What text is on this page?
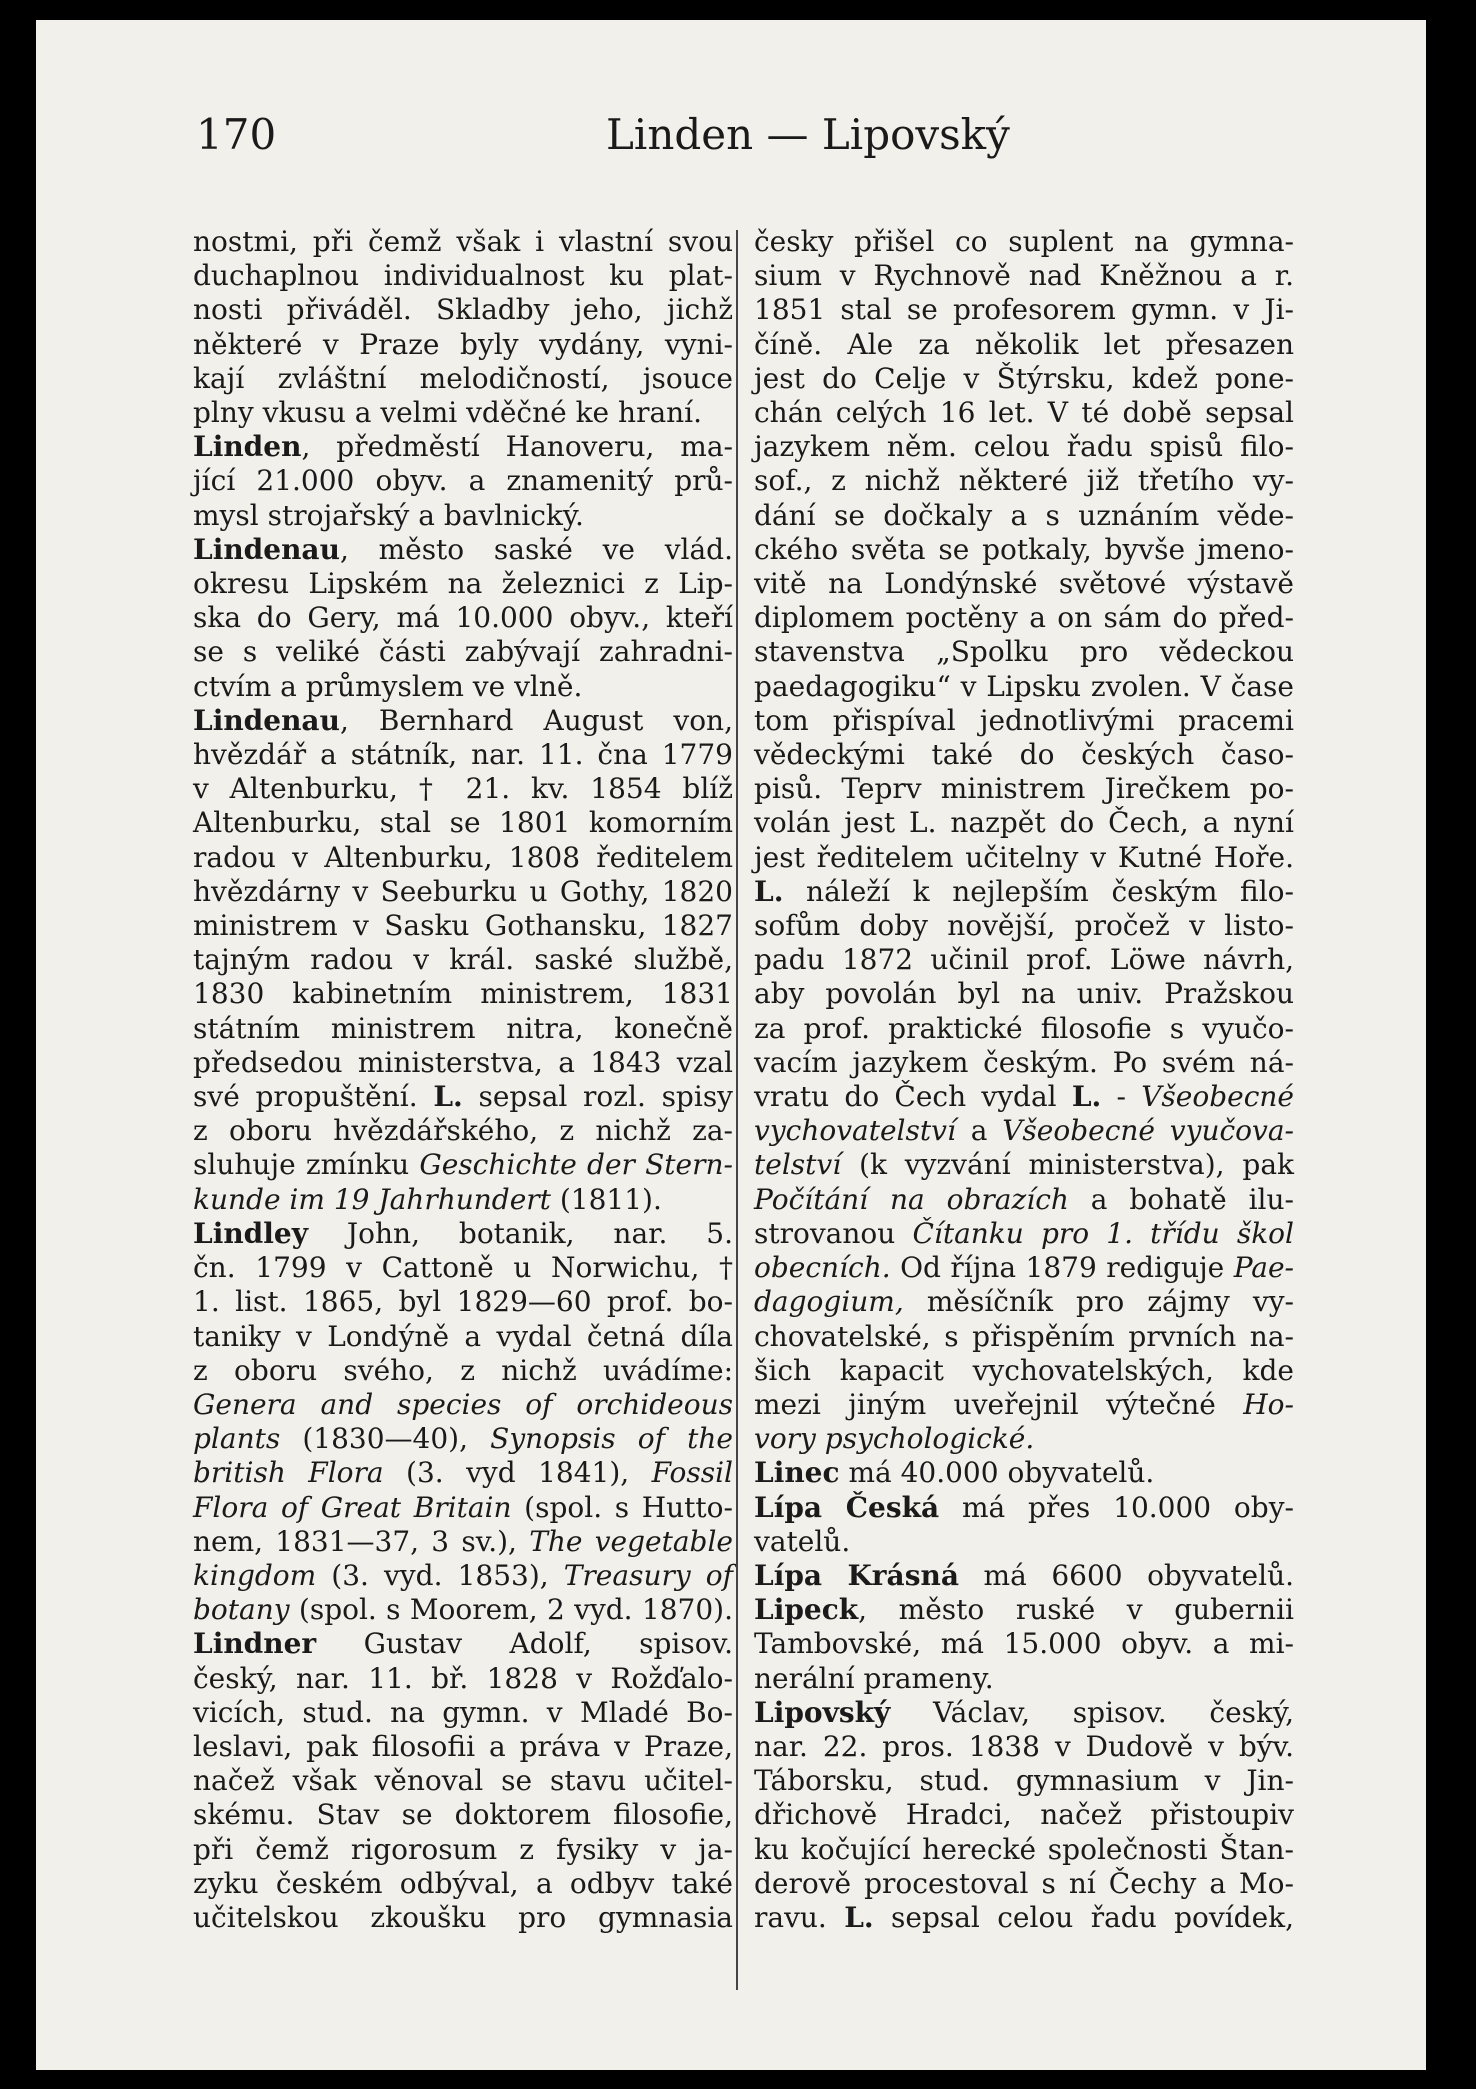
170	Linden — Lipovský
nostmi, při čemž však i vlastní svou
duchaplnou individualnost ku plat-
nosti přiváděl. Skladby jeho, jichž
některé v Praze byly vydány, vyni-
kají zvláštní melodičností, jsouce
plny vkusu a velmi vděčné ke hraní.
Linden, předměstí Hanoveru, ma-
jící 21.000 obyv. a znamenitý prů-
mysl strojařský a bavlnický.
Lindenau, město saské ve vlád.
okresu Lipském na železnici z Lip-
ska do Gery, má 10.000 obyv., kteří
se s veliké části zabývají zahradni-
ctvím a průmyslem ve vlně.
Lindenau, Bernhard August von,
hvězdář a státník, nar. 11. čna 1779
v Altenburku, † 21. kv. 1854 blíž
Altenburku, stal se 1801 komorním
radou v Altenburku, 1808 ředitelem
hvězdárny v Seeburku u Gothy, 1820
ministrem v Sasku Gothansku, 1827
tajným radou v král. saské službě,
1830 kabinetním ministrem, 1831
státním ministrem nitra, konečně
předsedou ministerstva, a 1843 vzal
své propuštění. L. sepsal rozl. spisy
z oboru hvězdářského, z nichž za-
sluhuje zmínku Geschichte der Stern-
kunde im 19 Jahrhundert (1811).
Lindley John, botanik, nar. 5.
čn. 1799 v Cattoně u Norwichu, †
1. list. 1865, byl 1829—60 prof. bo-
taniky v Londýně a vydal četná díla
z oboru svého, z nichž uvádíme:
Genera and species of orchideous
plants (1830—40), Synopsis of the
british Flora (3. vyd 1841), Fossil
Flora of Great Britain (spol. s Hutto-
nem, 1831—37, 3 sv.), The vegetable
kingdom (3. vyd. 1853), Treasury of
botany (spol. s Moorem, 2 vyd. 1870).
Lindner Gustav Adolf, spisov.
český, nar. 11. bř. 1828 v Rožďalo-
vicích, stud. na gymn. v Mladé Bo-
leslavi, pak filosofii a práva v Praze,
načež však věnoval se stavu učitel-
skému. Stav se doktorem filosofie,
při čemž rigorosum z fysiky v ja-
zyku českém odbýval, a odbyv také
učitelskou zkoušku pro gymnasia
česky přišel co suplent na gymna-
sium v Rychnově nad Kněžnou a r.
1851 stal se profesorem gymn. v Ji-
číně. Ale za několik let přesazen
jest do Celje v Štýrsku, kdež pone-
chán celých 16 let. V té době sepsal
jazykem něm. celou řadu spisů filo-
sof., z nichž některé již třetího vy-
dání se dočkaly a s uznáním věde-
ckého světa se potkaly, byvše jmeno-
vitě na Londýnské světové výstavě
diplomem poctěny a on sám do před-
stavenstva „Spolku pro vědeckou
paedagogiku“ v Lipsku zvolen. V čase
tom přispíval jednotlivými pracemi
vědeckými také do českých časo-
pisů. Teprv ministrem Jirečkem po-
volán jest L. nazpět do Čech, a nyní
jest ředitelem učitelny v Kutné Hoře.
L. náleží k nejlepším českým filo-
sofům doby novější, pročež v listo-
padu 1872 učinil prof. Löwe návrh,
aby povolán byl na univ. Pražskou
za prof. praktické filosofie s vyučo-
vacím jazykem českým. Po svém ná-
vratu do Čech vydal L. - Všeobecné
vychovatelství a Všeobecné vyučova-
telství (k vyzvání ministerstva), pak
Počítání na obrazích a bohatě ilu-
strovanou Čítanku pro 1. třídu škol
obecních. Od října 1879 rediguje Pae-
dagogium, měsíčník pro zájmy vy-
chovatelské, s přispěním prvních na-
šich kapacit vychovatelských, kde
mezi jiným uveřejnil výtečné Ho-
vory psychologické.
Linec má 40.000 obyvatelů.
Lípa Česká má přes 10.000 oby-
vatelů.
Lípa Krásná má 6600 obyvatelů.
Lipeck, město ruské v gubernii
Tambovské, má 15.000 obyv. a mi-
nerální prameny.
Lipovský Václav, spisov. český,
nar. 22. pros. 1838 v Dudově v býv.
Táborsku, stud. gymnasium v Jin-
dřichově Hradci, načež přistoupiv
ku kočující herecké společnosti Štan-
derově procestoval s ní Čechy a Mo-
ravu. L. sepsal celou řadu povídek,
